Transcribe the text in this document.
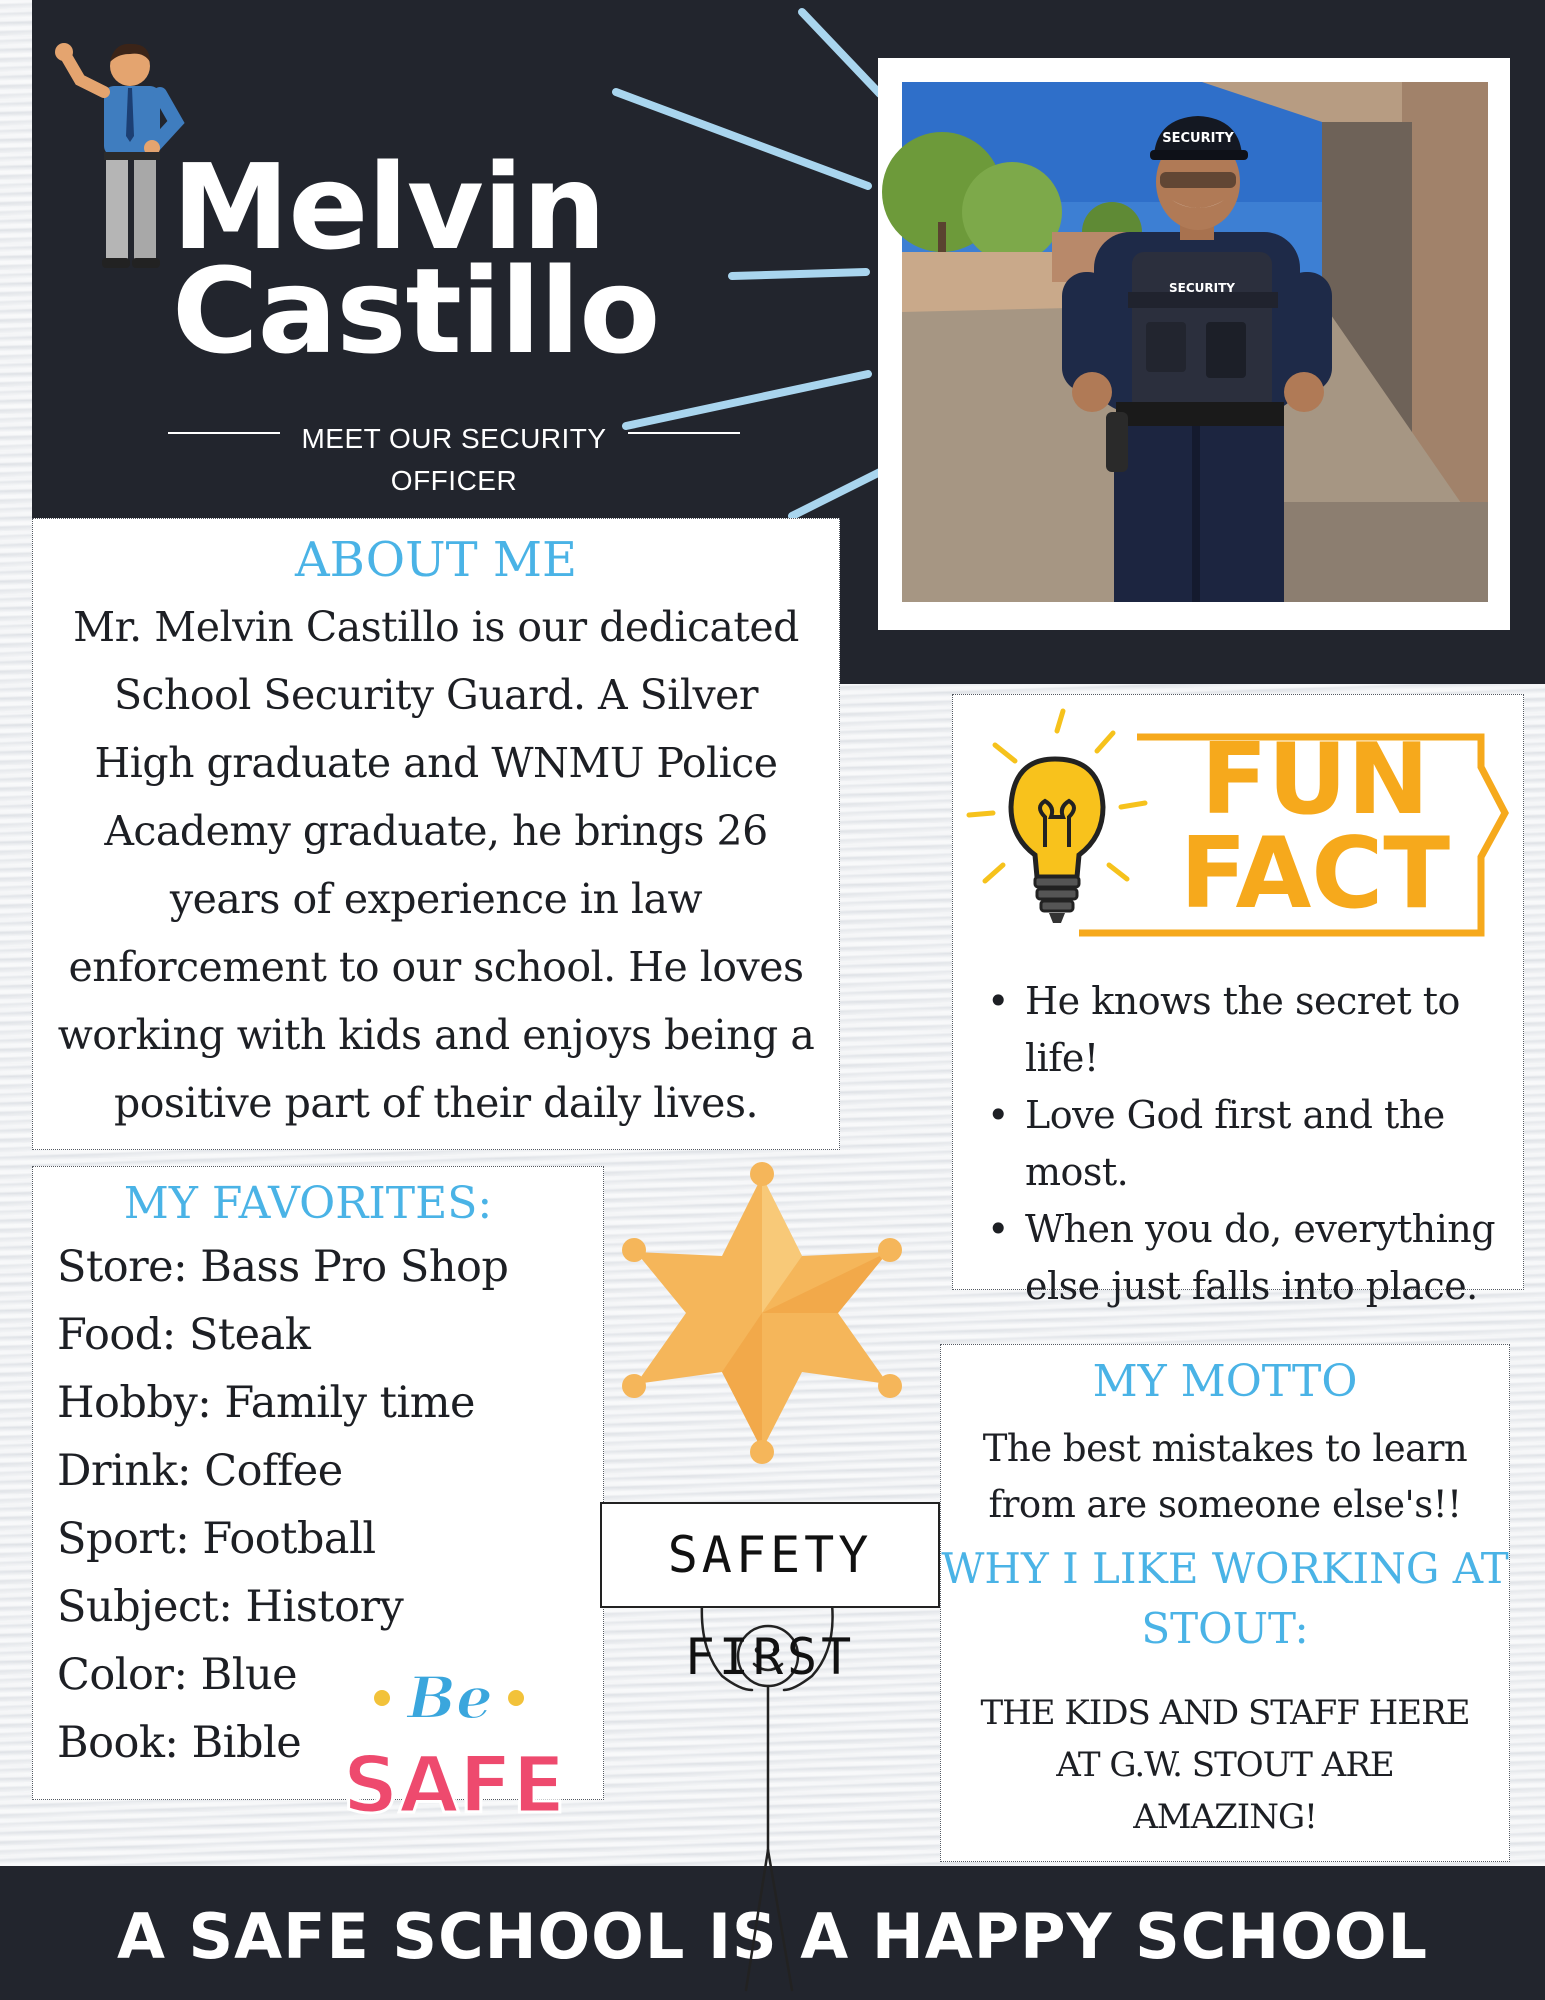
Melvin
Castillo
MEET OUR SECURITY
OFFICER
SECURITY
SECURITY
ABOUT ME
Mr. Melvin Castillo is our dedicated
School Security Guard. A Silver
High graduate and WNMU Police
Academy graduate, he brings 26
years of experience in law
enforcement to our school. He loves
working with kids and enjoys being a
positive part of their daily lives.
FUN
FACT
• He knows the secret to life!
• Love God first and the
most.
• When you do, everything
else just falls into place.
MY FAVORITES:
Store: Bass Pro Shop
Food: Steak
Hobby: Family time
Drink: Coffee
Sport: Football
Subject: History
Color: Blue
Book: Bible
Be
SAFE
MY MOTTO
The best mistakes to learn
from are someone else's!!
WHY I LIKE WORKING AT
STOUT:
THE KIDS AND STAFF HERE
AT G.W. STOUT ARE
AMAZING!
A SAFE SCHOOL IS A HAPPY SCHOOL
SAFETY FIRST
